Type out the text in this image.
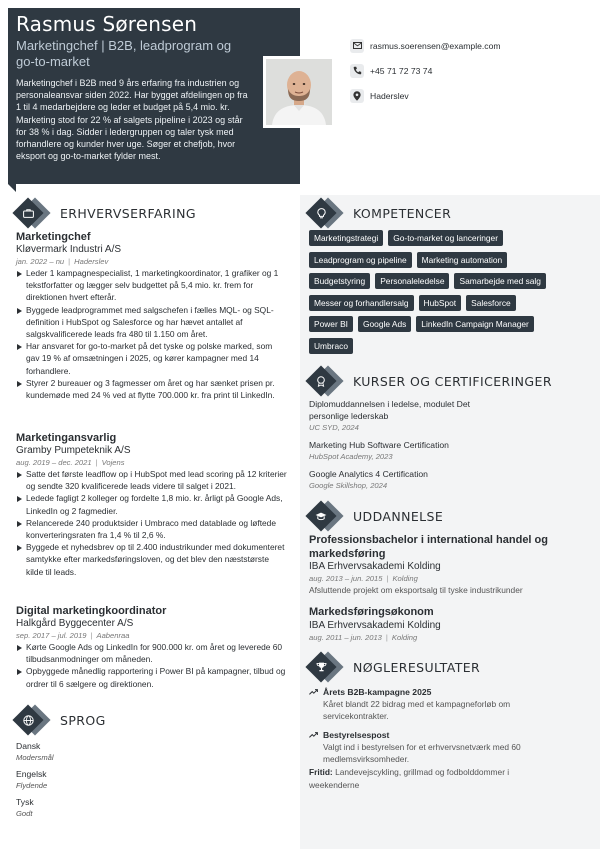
Rasmus Sørensen
Marketingchef | B2B, leadprogram og
go-to-market

Marketingchef i B2B med 9 års erfaring fra industrien og personaleansvar siden 2022. Har bygget afdelingen op fra 1 til 4 medarbejdere og leder et budget på 5,4 mio. kr. Marketing stod for 22 % af salgets pipeline i 2023 og står for 38 % i dag. Sidder i ledergruppen og taler tysk med forhandlere og kunder hver uge. Søger et chefjob, hvor eksport og go-to-market fylder mest.

rasmus.soerensen@example.com
+45 71 72 73 74
Haderslev
ERHVERVSERFARING
Marketingchef
Kløvermark Industri A/S
jan. 2022 – nu | Haderslev
Leder 1 kampagnespecialist, 1 marketingkoordinator, 1 grafiker og 1 tekstforfatter og lægger selv budgettet på 5,4 mio. kr. frem for direktionen hvert efterår.
Byggede leadprogrammet med salgschefen i fælles MQL- og SQL-definition i HubSpot og Salesforce og har hævet antallet af salgskvalificerede leads fra 480 til 1.150 om året.
Har ansvaret for go-to-market på det tyske og polske marked, som gav 19 % af omsætningen i 2025, og kører kampagner med 14 forhandlere.
Styrer 2 bureauer og 3 fagmesser om året og har sænket prisen pr. kundemøde med 24 % ved at flytte 700.000 kr. fra print til LinkedIn.
Marketingansvarlig
Gramby Pumpeteknik A/S
aug. 2019 – dec. 2021 | Vojens
Satte det første leadflow op i HubSpot med lead scoring på 12 kriterier og sendte 320 kvalificerede leads videre til salget i 2021.
Ledede fagligt 2 kolleger og fordelte 1,8 mio. kr. årligt på Google Ads, LinkedIn og 2 fagmedier.
Relancerede 240 produktsider i Umbraco med datablade og løftede konverteringsraten fra 1,4 % til 2,6 %.
Byggede et nyhedsbrev op til 2.400 industrikunder med dokumenteret samtykke efter markedsføringsloven, og det blev den næststørste kilde til leads.
Digital marketingkoordinator
Halkgård Byggecenter A/S
sep. 2017 – jul. 2019 | Aabenraa
Kørte Google Ads og LinkedIn for 900.000 kr. om året og leverede 60 tilbudsanmodninger om måneden.
Opbyggede månedlig rapportering i Power BI på kampagner, tilbud og ordrer til 6 sælgere og direktionen.
SPROG
Dansk
Modersmål
Engelsk
Flydende
Tysk
Godt
KOMPETENCER
Marketingstrategi	Go-to-market og lanceringer
Leadprogram og pipeline	Marketing automation
Budgetstyring	Personaleledelse	Samarbejde med salg
Messer og forhandlersalg	HubSpot	Salesforce
Power BI	Google Ads	LinkedIn Campaign Manager
Umbraco
KURSER OG CERTIFICERINGER
Diplomuddannelsen i ledelse, modulet Det personlige lederskab
UC SYD, 2024
Marketing Hub Software Certification
HubSpot Academy, 2023
Google Analytics 4 Certification
Google Skillshop, 2024
UDDANNELSE
Professionsbachelor i international handel og markedsføring
IBA Erhvervsakademi Kolding
aug. 2013 – jun. 2015 | Kolding
Afsluttende projekt om eksportsalg til tyske industrikunder
Markedsføringsøkonom
IBA Erhvervsakademi Kolding
aug. 2011 – jun. 2013 | Kolding
NØGLERESULTATER
Årets B2B-kampagne 2025
Kåret blandt 22 bidrag med et kampagneforløb om servicekontrakter.
Bestyrelsespost
Valgt ind i bestyrelsen for et erhvervsnetværk med 60 medlemsvirksomheder.
Fritid: Landevejscykling, grillmad og fodbolddommer i weekenderne
